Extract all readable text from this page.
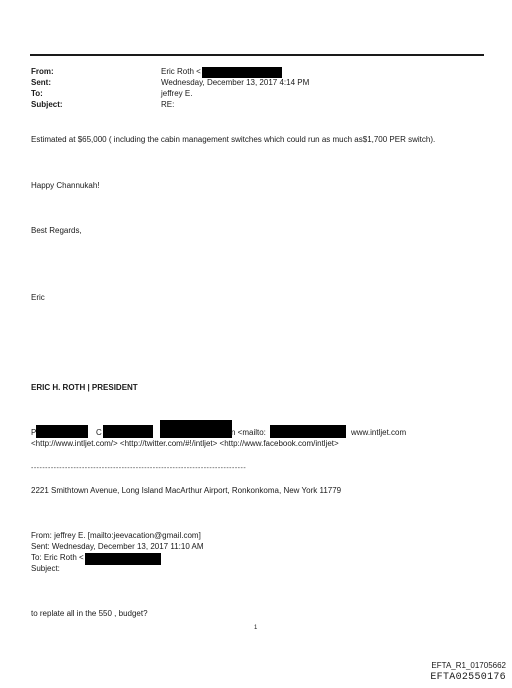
From:	Eric Roth <
Sent:	Wednesday, December 13, 2017 4:14 PM
To:	jeffrey E.
Subject:	RE:
Estimated at $65,000 ( including the cabin management switches which could run as much as$1,700 PER switch).
Happy Channukah!
Best Regards,
Eric
ERIC H. ROTH | PRESIDENT
P	C	n <mailto:	www.intljet.com
<http://www.intljet.com/> <http://twitter.com/#!/intljet> <http://www.facebook.com/intljet>
----------------------------------------------------------------------------
2221 Smithtown Avenue, Long Island MacArthur Airport, Ronkonkoma, New York 11779
From: jeffrey E. [mailto:jeevacation@gmail.com]
Sent: Wednesday, December 13, 2017 11:10 AM
To: Eric Roth <
Subject:
to replate all in the 550 , budget?
1
EFTA_R1_01705662
EFTA02550176
